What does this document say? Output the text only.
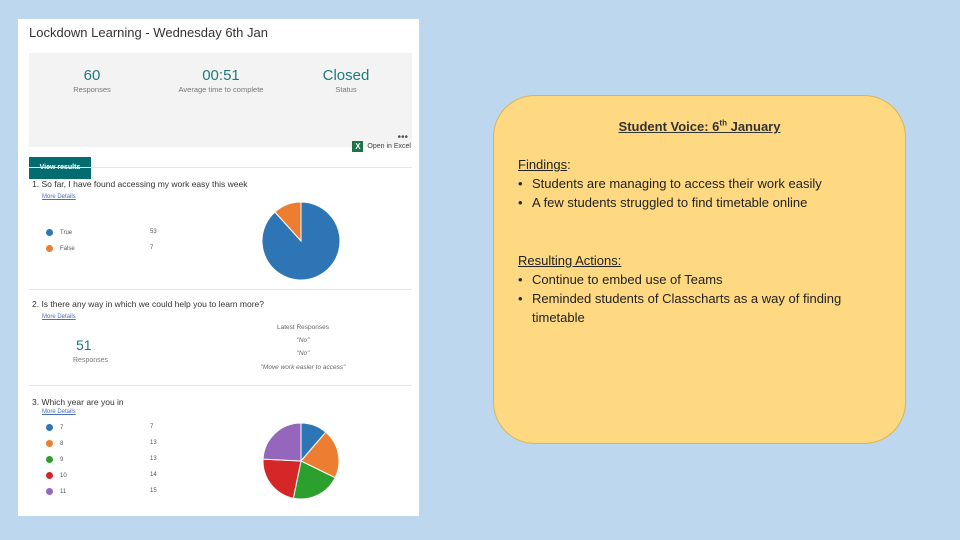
Lockdown Learning - Wednesday 6th Jan
60
Responses
00:51
Average time to complete
Closed
Status
•••
X Open in Excel
1. So far, I have found accessing my work easy this week
More Details
True	53
False	7
2. Is there any way in which we could help you to learn more?
More Details
51
Responses
Latest Responses
"No"
"No"
"Move work easier to access"
3. Which year are you in
More Details
7	7
8	13
9	13
10	14
11	15
Student Voice: 6th January
Findings:
• Students are managing to access their work easily
• A few students struggled to find timetable online
Resulting Actions:
• Continue to embed use of Teams
• Reminded students of Classcharts as a way of finding timetable
